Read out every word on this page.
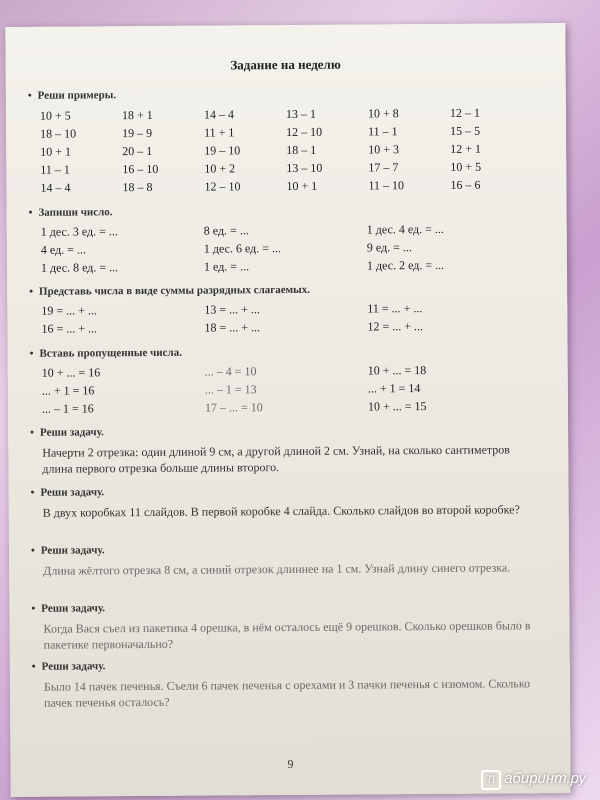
Задание на неделю
• Реши примеры.
10 + 5	18 + 1	14 – 4	13 – 1	10 + 8	12 – 1
18 – 10	19 – 9	11 + 1	12 – 10	11 – 1	15 – 5
10 + 1	20 – 1	19 – 10	18 – 1	10 + 3	12 + 1
11 – 1	16 – 10	10 + 2	13 – 10	17 – 7	10 + 5
14 – 4	18 – 8	12 – 10	10 + 1	11 – 10	16 – 6
• Запиши число.
1 дес. 3 ед. = ...	8 ед. = ...	1 дес. 4 ед. = ...
4 ед. = ...	1 дес. 6 ед. = ...	9 ед. = ...
1 дес. 8 ед. = ...	1 ед. = ...	1 дес. 2 ед. = ...
• Представь числа в виде суммы разрядных слагаемых.
19 = ... + ...	13 = ... + ...	11 = ... + ...
16 = ... + ...	18 = ... + ...	12 = ... + ...
• Вставь пропущенные числа.
10 + ... = 16	... – 4 = 10	10 + ... = 18
... + 1 = 16	... – 1 = 13	... + 1 = 14
... – 1 = 16	17 – ... = 10	10 + ... = 15
• Реши задачу.
Начерти 2 отрезка: один длиной 9 см, а другой длиной 2 см. Узнай, на сколько сантиметров длина первого отрезка больше длины второго.
• Реши задачу.
В двух коробках 11 слайдов. В первой коробке 4 слайда. Сколько слайдов во второй коробке?
• Реши задачу.
Длина жёлтого отрезка 8 см, а синий отрезок длиннее на 1 см. Узнай длину синего отрезка.
• Реши задачу.
Когда Вася съел из пакетика 4 орешка, в нём осталось ещё 9 орешков. Сколько орешков было в пакетике первоначально?
• Реши задачу.
Было 14 пачек печенья. Съели 6 пачек печенья с орехами и 3 пачки печенья с изюмом. Сколько пачек печенья осталось?
9
Л абиринт.ру
